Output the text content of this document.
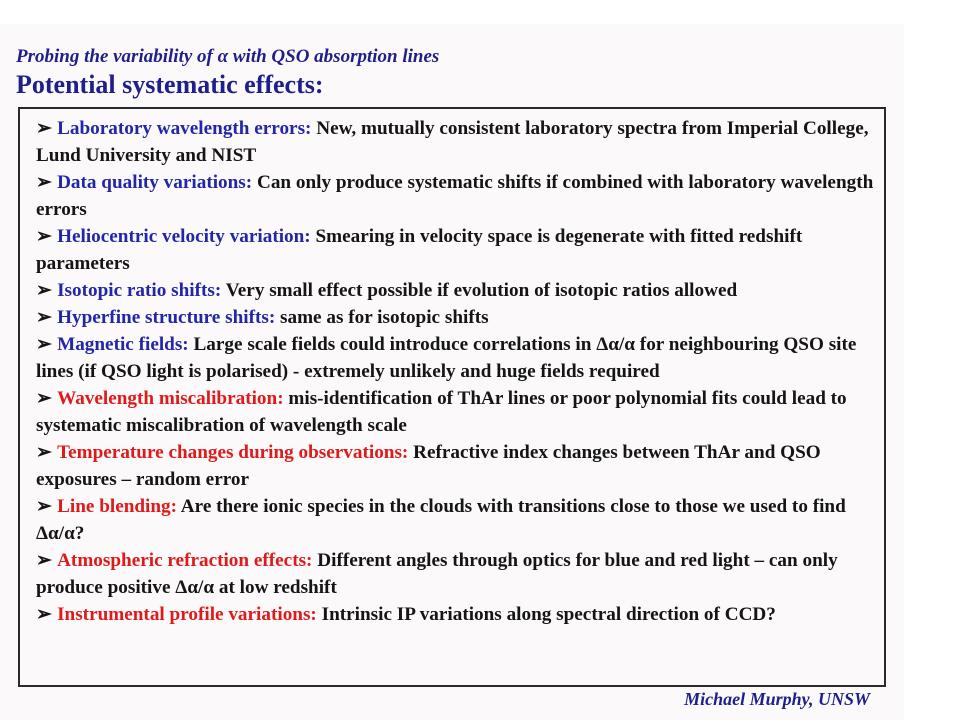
Probing the variability of α with QSO absorption lines
Potential systematic effects:
➢ Laboratory wavelength errors: New, mutually consistent laboratory spectra from Imperial College, Lund University and NIST
➢ Data quality variations: Can only produce systematic shifts if combined with laboratory wavelength errors
➢ Heliocentric velocity variation: Smearing in velocity space is degenerate with fitted redshift parameters
➢ Isotopic ratio shifts: Very small effect possible if evolution of isotopic ratios allowed
➢ Hyperfine structure shifts: same as for isotopic shifts
➢ Magnetic fields: Large scale fields could introduce correlations in Δα/α for neighbouring QSO site lines (if QSO light is polarised) - extremely unlikely and huge fields required
➢ Wavelength miscalibration: mis-identification of ThAr lines or poor polynomial fits could lead to systematic miscalibration of wavelength scale
➢ Temperature changes during observations: Refractive index changes between ThAr and QSO exposures – random error
➢ Line blending: Are there ionic species in the clouds with transitions close to those we used to find Δα/α?
➢ Atmospheric refraction effects: Different angles through optics for blue and red light – can only produce positive Δα/α at low redshift
➢ Instrumental profile variations: Intrinsic IP variations along spectral direction of CCD?
Michael Murphy, UNSW
